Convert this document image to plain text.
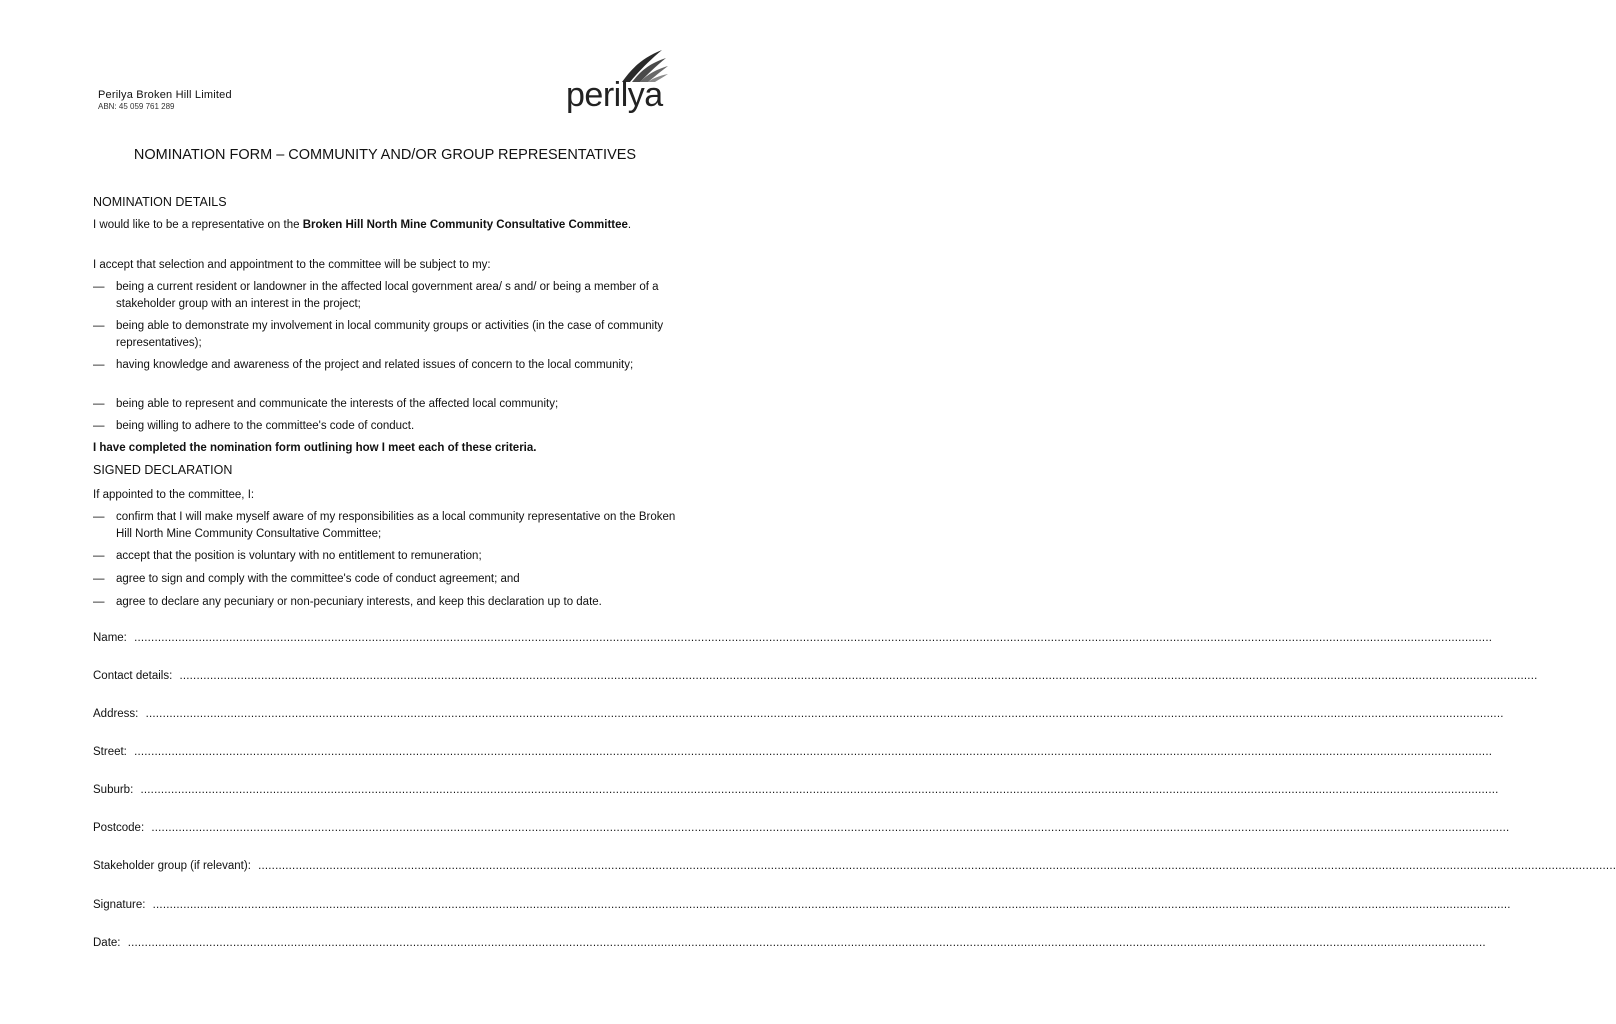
Perilya Broken Hill Limited
ABN: 45 059 761 289	perilya
NOMINATION FORM – COMMUNITY AND/OR GROUP REPRESENTATIVES
NOMINATION DETAILS
I would like to be a representative on the Broken Hill North Mine Community Consultative Committee.
I accept that selection and appointment to the committee will be subject to my:
— being a current resident or landowner in the affected local government area/ s and/ or being a member of a stakeholder group with an interest in the project;
— being able to demonstrate my involvement in local community groups or activities (in the case of community representatives);
— having knowledge and awareness of the project and related issues of concern to the local community;
— being able to represent and communicate the interests of the affected local community;
— being willing to adhere to the committee's code of conduct.
I have completed the nomination form outlining how I meet each of these criteria.
SIGNED DECLARATION
If appointed to the committee, I:
— confirm that I will make myself aware of my responsibilities as a local community representative on the Broken Hill North Mine Community Consultative Committee;
— accept that the position is voluntary with no entitlement to remuneration;
— agree to sign and comply with the committee's code of conduct agreement; and
— agree to declare any pecuniary or non-pecuniary interests, and keep this declaration up to date.
Name: ................................................................................................................................................................................................................................................................................................................................................................................................................
Contact details: ................................................................................................................................................................................................................................................................................................................................................................................................................
Address: ................................................................................................................................................................................................................................................................................................................................................................................................................
Street: ................................................................................................................................................................................................................................................................................................................................................................................................................
Suburb: ................................................................................................................................................................................................................................................................................................................................................................................................................
Postcode: ................................................................................................................................................................................................................................................................................................................................................................................................................
Stakeholder group (if relevant): ................................................................................................................................................................................................................................................................................................................................................................................................................
Signature: ................................................................................................................................................................................................................................................................................................................................................................................................................
Date: ................................................................................................................................................................................................................................................................................................................................................................................................................
